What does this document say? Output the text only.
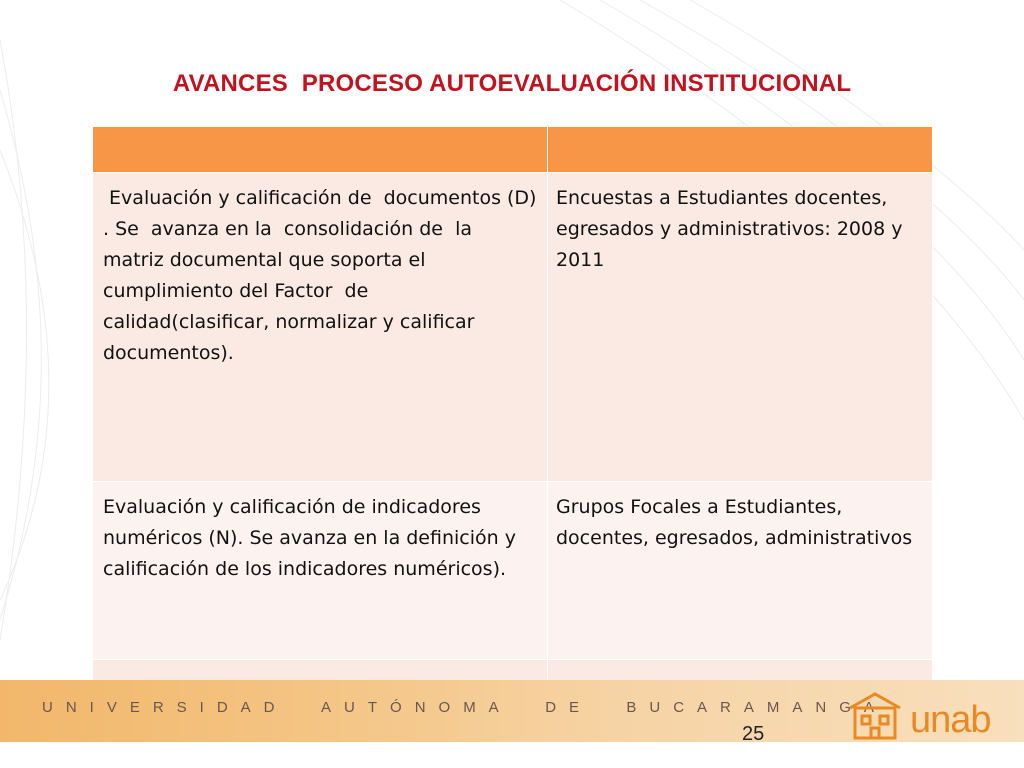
AVANCES  PROCESO AUTOEVALUACIÓN INSTITUCIONAL

Evaluación y calificación de  documentos (D) . Se  avanza en la  consolidación de  la matriz documental que soporta el cumplimiento del Factor  de calidad(clasificar, normalizar y calificar documentos).	Encuestas a Estudiantes docentes, egresados y administrativos: 2008 y 2011
Evaluación y calificación de indicadores numéricos (N). Se avanza en la definición y calificación de los indicadores numéricos).	Grupos Focales a Estudiantes, docentes, egresados, administrativos

UNIVERSIDAD  AUTÓNOMA  DE  BUCARAMANGA
25	unab
